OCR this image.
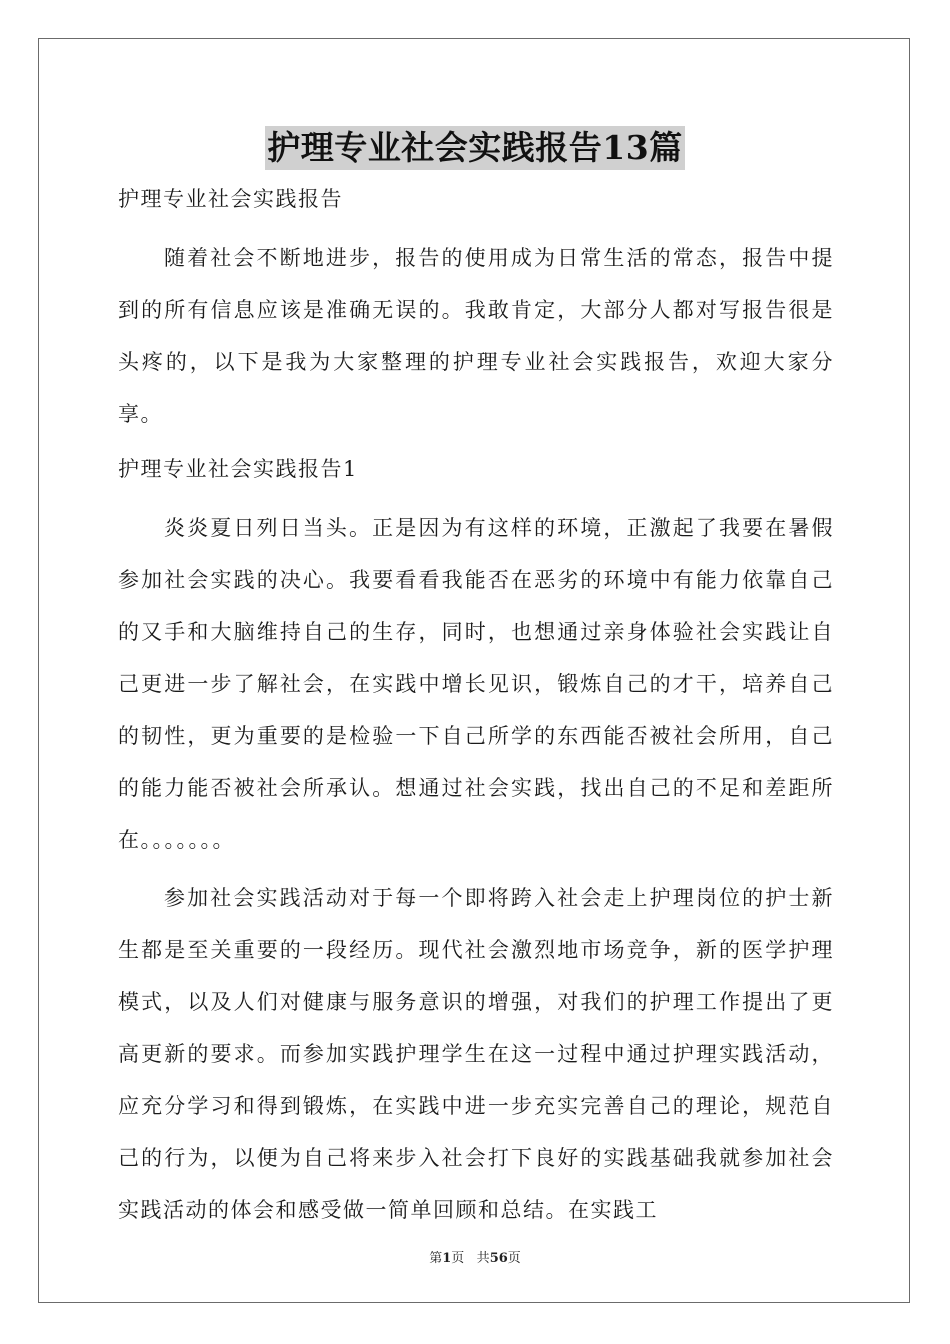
护理专业社会实践报告13篇

护理专业社会实践报告

随着社会不断地进步，报告的使用成为日常生活的常态，报告中提到的所有信息应该是准确无误的。我敢肯定，大部分人都对写报告很是头疼的，以下是我为大家整理的护理专业社会实践报告，欢迎大家分享。

护理专业社会实践报告1

炎炎夏日列日当头。正是因为有这样的环境，正激起了我要在暑假参加社会实践的决心。我要看看我能否在恶劣的环境中有能力依靠自己的又手和大脑维持自己的生存，同时，也想通过亲身体验社会实践让自己更进一步了解社会，在实践中增长见识，锻炼自己的才干，培养自己的韧性，更为重要的是检验一下自己所学的东西能否被社会所用，自己的能力能否被社会所承认。想通过社会实践，找出自己的不足和差距所在。。。。。。。

参加社会实践活动对于每一个即将跨入社会走上护理岗位的护士新生都是至关重要的一段经历。现代社会激烈地市场竞争，新的医学护理模式，以及人们对健康与服务意识的增强，对我们的护理工作提出了更高更新的要求。而参加实践护理学生在这一过程中通过护理实践活动，应充分学习和得到锻炼，在实践中进一步充实完善自己的理论，规范自己的行为，以便为自己将来步入社会打下良好的实践基础我就参加社会实践活动的体会和感受做一简单回顾和总结。在实践工

第1页 共56页
